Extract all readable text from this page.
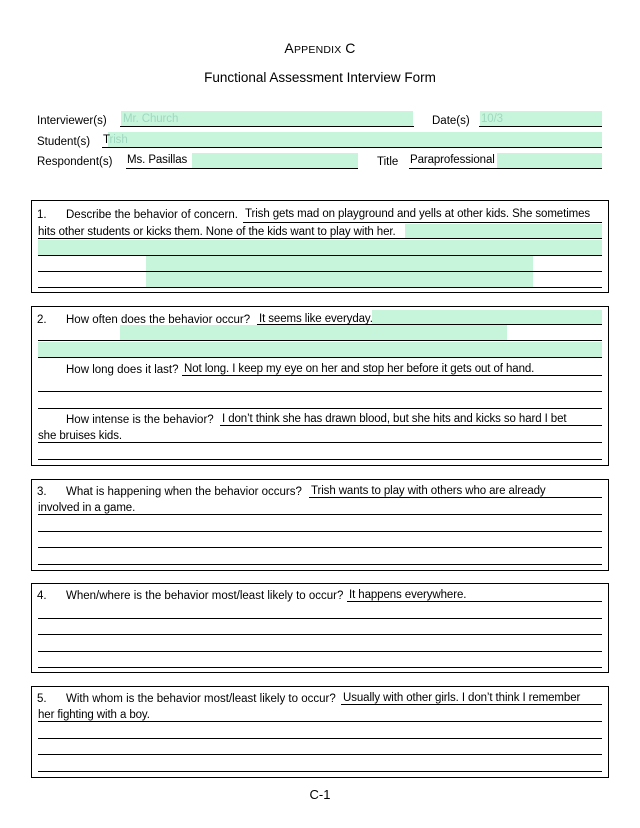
APPENDIX C
Functional Assessment Interview Form
Interviewer(s) Mr. Church	Date(s) 10/3
Student(s) Trish
Respondent(s) Ms. Pasillas	Title Paraprofessional
1. Describe the behavior of concern. Trish gets mad on playground and yells at other kids. She sometimes
hits other students or kicks them. None of the kids want to play with her.
2. How often does the behavior occur? It seems like everyday.
How long does it last? Not long. I keep my eye on her and stop her before it gets out of hand.
How intense is the behavior? I don’t think she has drawn blood, but she hits and kicks so hard I bet
she bruises kids.
3. What is happening when the behavior occurs? Trish wants to play with others who are already
involved in a game.
4. When/where is the behavior most/least likely to occur? It happens everywhere.
5. With whom is the behavior most/least likely to occur? Usually with other girls. I don’t think I remember
her fighting with a boy.
C-1
